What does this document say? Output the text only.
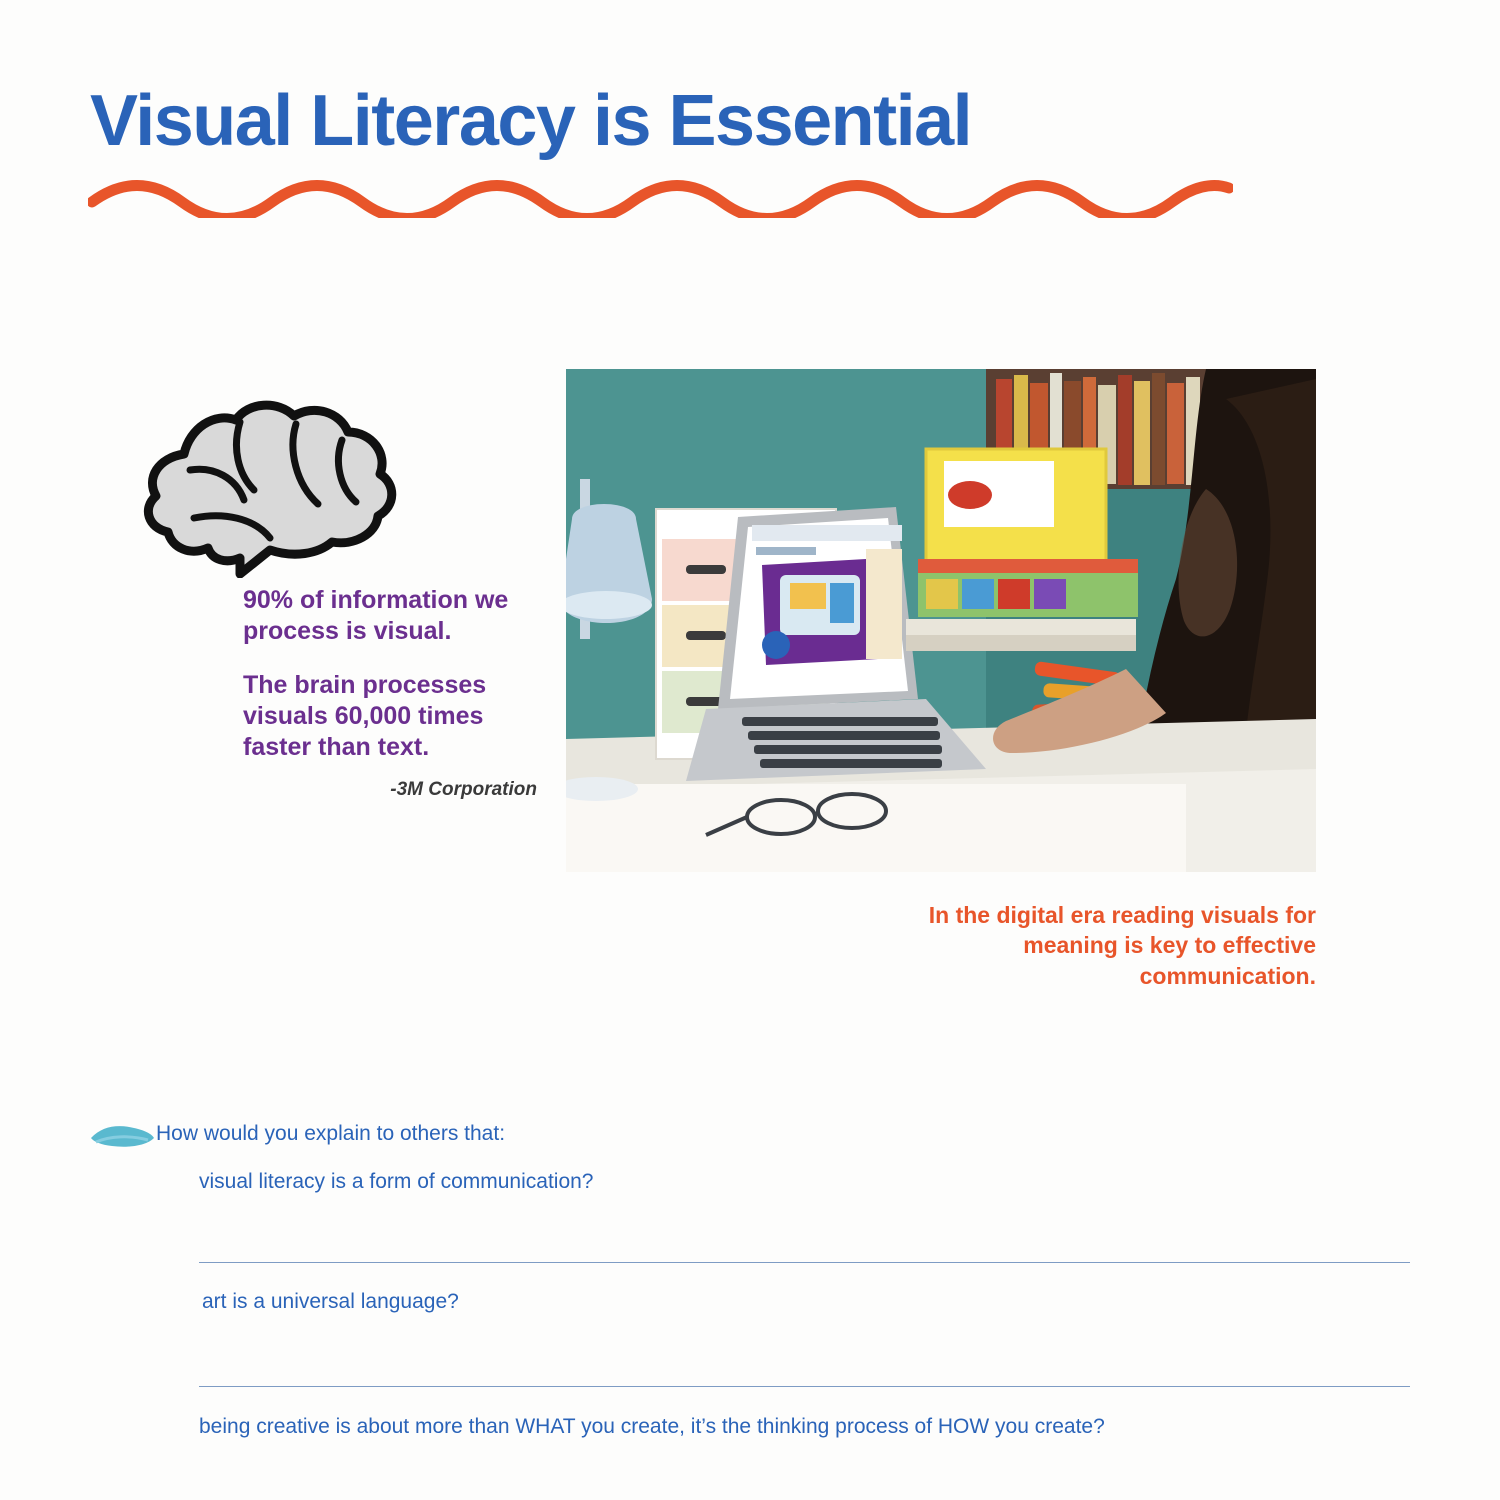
Visual Literacy is Essential
90% of information we process is visual.
The brain processes visuals 60,000 times faster than text.
-3M Corporation
In the digital era reading visuals for meaning is key to effective communication.
How would you explain to others that:
visual literacy is a form of communication?
art is a universal language?
being creative is about more than WHAT you create, it’s the thinking process of HOW you create?
